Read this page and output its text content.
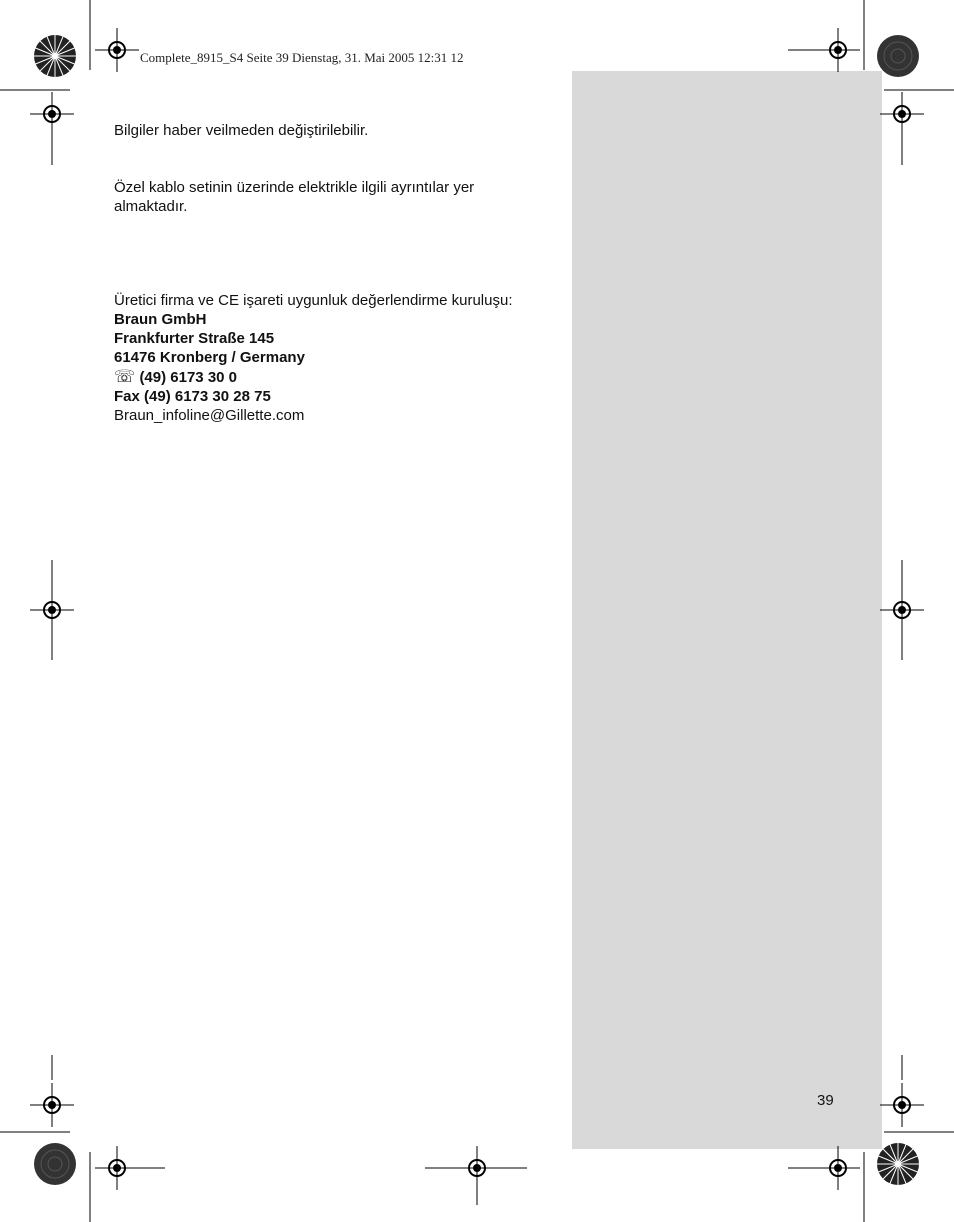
Complete_8915_S4 Seite 39 Dienstag, 31. Mai 2005 12:31 12
Bilgiler haber veilmeden değiştirilebilir.
Özel kablo setinin üzerinde elektrikle ilgili ayrıntılar yer almaktadır.
Üretici firma ve CE işareti uygunluk değerlendirme kuruluşu:
Braun GmbH
Frankfurter Straße 145
61476 Kronberg / Germany
☏ (49) 6173 30 0
Fax (49) 6173 30 28 75
Braun_infoline@Gillette.com
39
